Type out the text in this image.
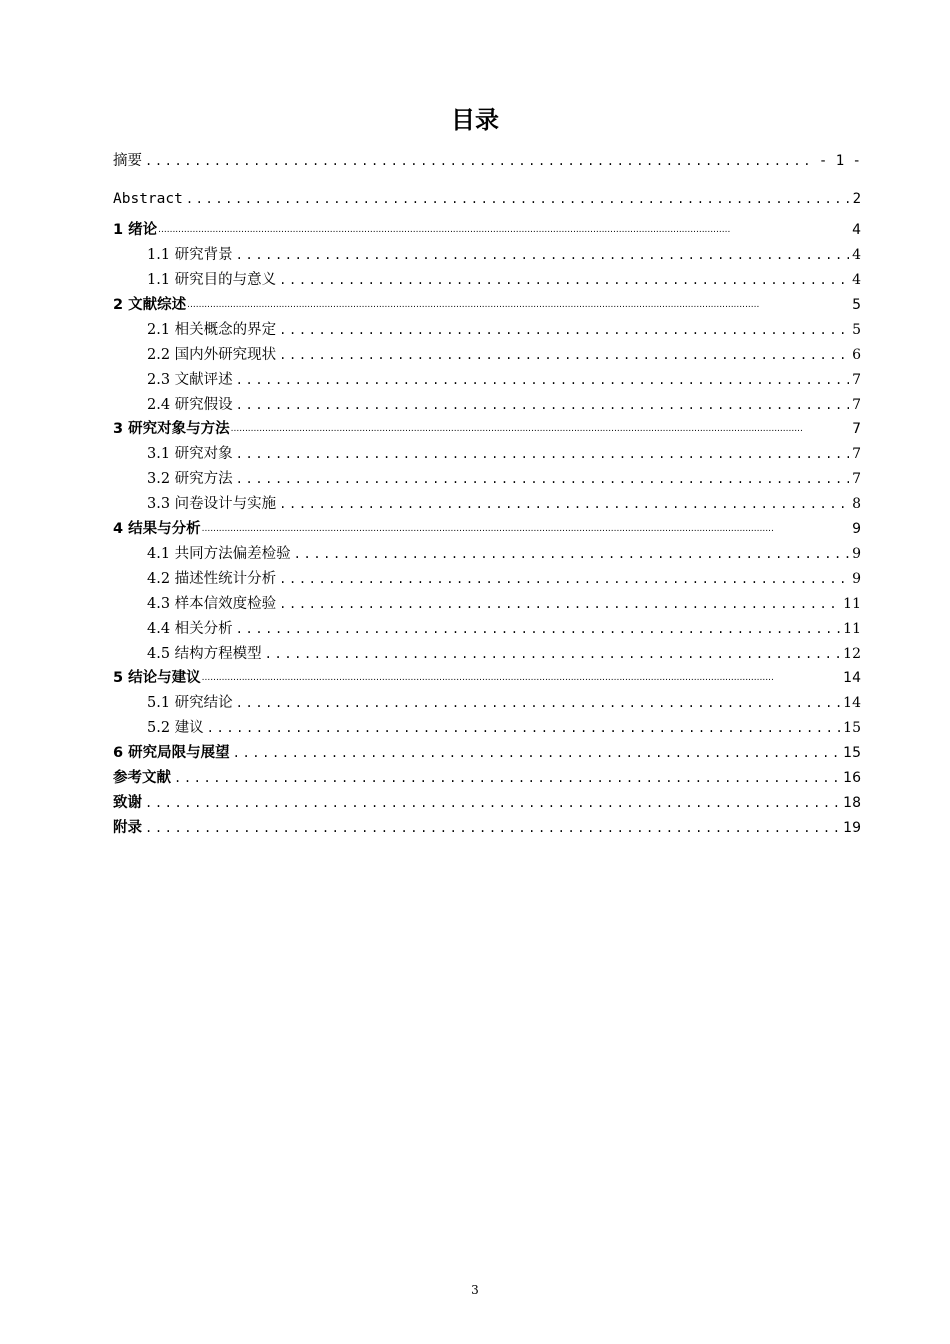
目录
摘要 .....	- 1 -
Abstract .....	2
1 绪论 .....	4
1.1 研究背景 .....	4
1.1 研究目的与意义 .....	4
2 文献综述 .....	5
2.1 相关概念的界定 .....	5
2.2 国内外研究现状 .....	6
2.3 文献评述 .....	7
2.4 研究假设 .....	7
3 研究对象与方法 .....	7
3.1 研究对象 .....	7
3.2 研究方法 .....	7
3.3 问卷设计与实施 .....	8
4 结果与分析 .....	9
4.1 共同方法偏差检验 .....	9
4.2 描述性统计分析 .....	9
4.3 样本信效度检验 .....	11
4.4 相关分析 .....	11
4.5 结构方程模型 .....	12
5 结论与建议 .....	14
5.1 研究结论 .....	14
5.2 建议 .....	15
6 研究局限与展望 .....	15
参考文献 .....	16
致谢 .....	18
附录 .....	19
3
